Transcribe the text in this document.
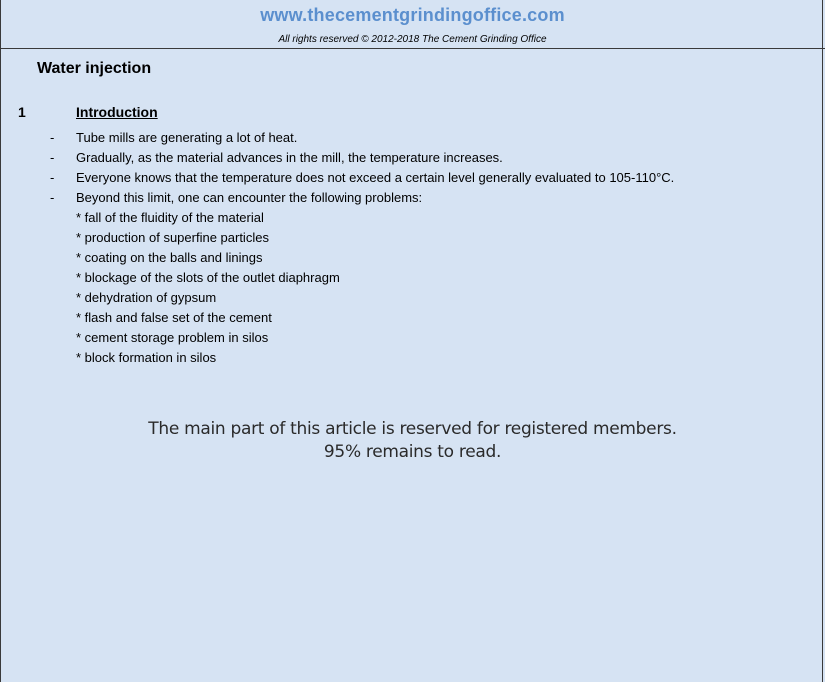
www.thecementgrindingoffice.com
All rights reserved © 2012-2018 The Cement Grinding Office
Water injection
1	Introduction
-	Tube mills are generating a lot of heat.
-	Gradually, as the material advances in the mill, the temperature increases.
-	Everyone knows that the temperature does not exceed a certain level generally evaluated to 105-110°C.
-	Beyond this limit, one can encounter the following problems:
* fall of the fluidity of the material
* production of superfine particles
* coating on the balls and linings
* blockage of the slots of the outlet diaphragm
* dehydration of gypsum
* flash and false set of the cement
* cement storage problem in silos
* block formation in silos
The main part of this article is reserved for registered members.
95% remains to read.
